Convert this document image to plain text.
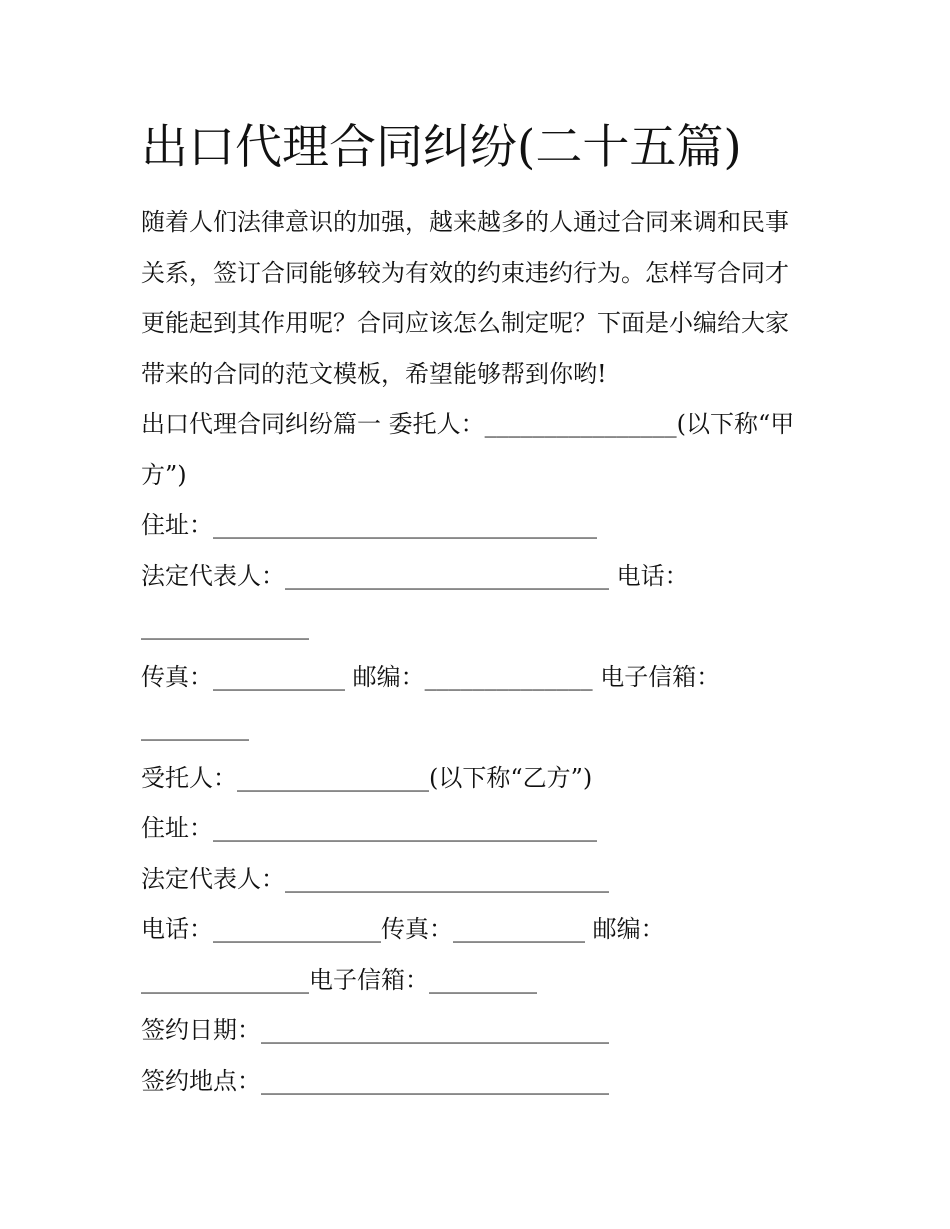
出口代理合同纠纷(二十五篇)
随着人们法律意识的加强，越来越多的人通过合同来调和民事
关系，签订合同能够较为有效的约束违约行为。怎样写合同才
更能起到其作用呢？合同应该怎么制定呢？下面是小编给大家
带来的合同的范文模板，希望能够帮到你哟!
出口代理合同纠纷篇一 委托人：________________(以下称“甲
方”)
住址：________________________________
法定代表人：___________________________ 电话：
______________
传真：___________ 邮编：______________ 电子信箱：
_________
受托人：________________(以下称“乙方”)
住址：________________________________
法定代表人：___________________________
电话：______________传真：___________ 邮编：
______________电子信箱：_________
签约日期：_____________________________
签约地点：_____________________________
